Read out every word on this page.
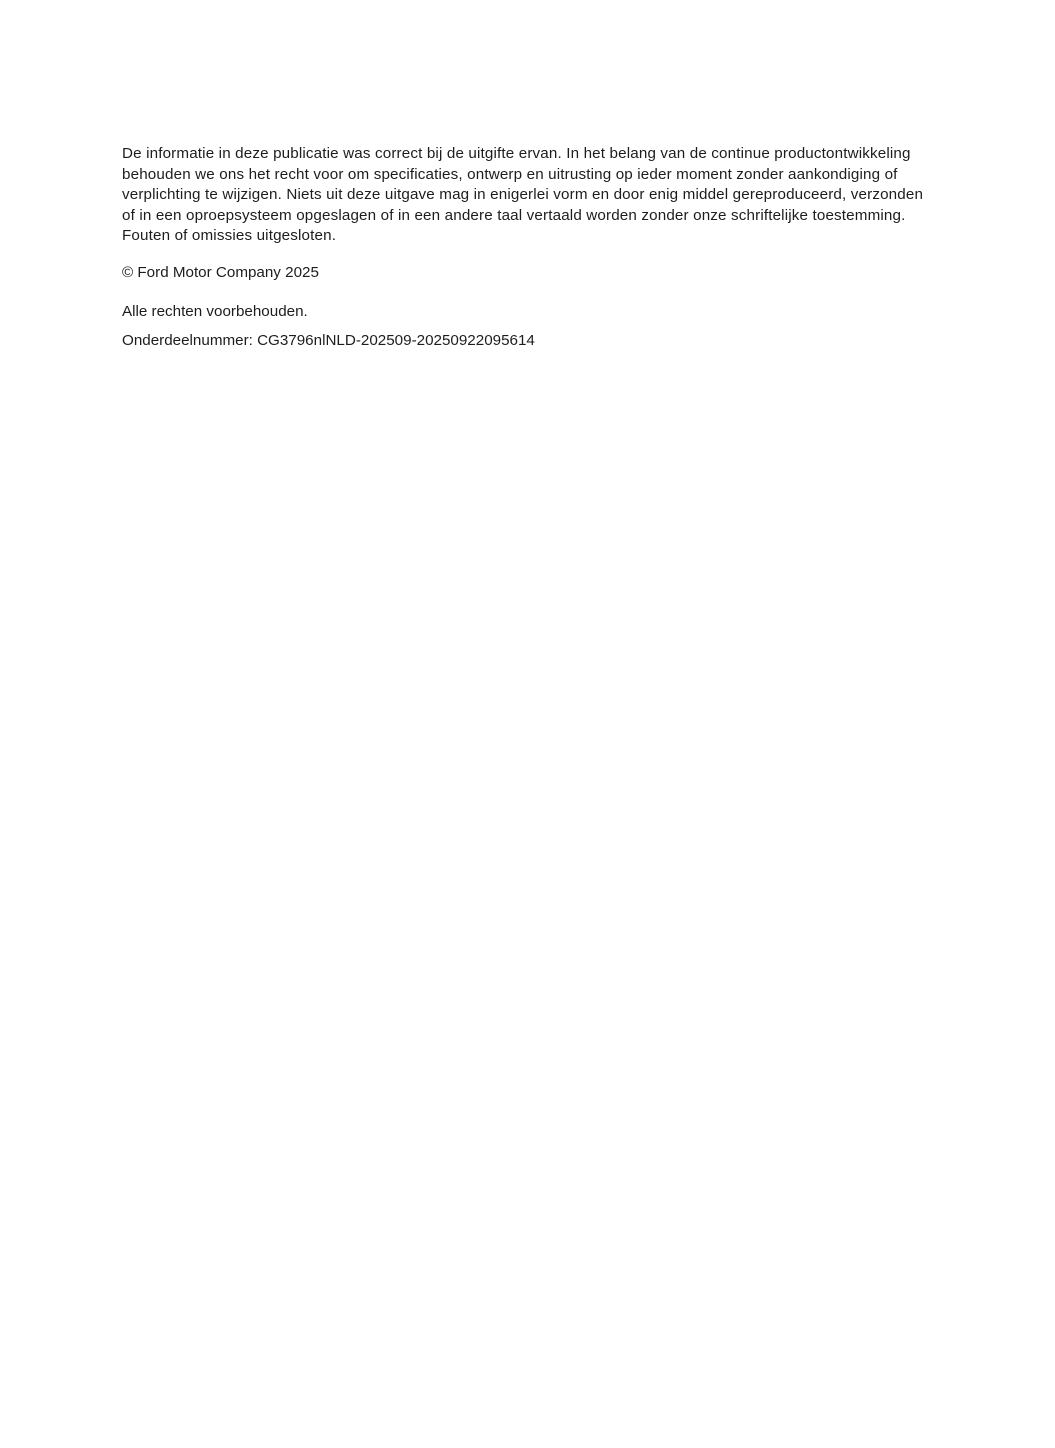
De informatie in deze publicatie was correct bij de uitgifte ervan. In het belang van de continue productontwikkeling behouden we ons het recht voor om specificaties, ontwerp en uitrusting op ieder moment zonder aankondiging of verplichting te wijzigen. Niets uit deze uitgave mag in enigerlei vorm en door enig middel gereproduceerd, verzonden of in een oproepsysteem opgeslagen of in een andere taal vertaald worden zonder onze schriftelijke toestemming. Fouten of omissies uitgesloten.

© Ford Motor Company 2025

Alle rechten voorbehouden.

Onderdeelnummer: CG3796nlNLD-202509-20250922095614
